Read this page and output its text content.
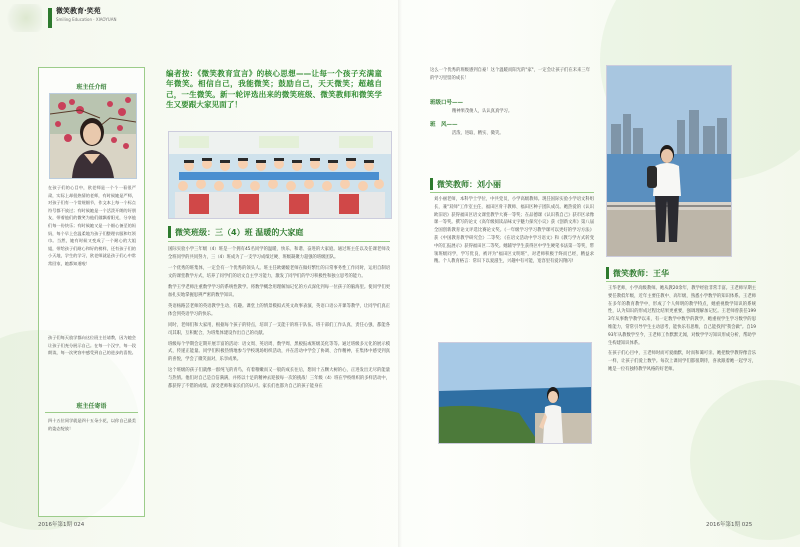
微笑教育·笑苑
Smiling Education · XIAOYUAN
班主任介绍
在孩子们的心目中，欧老师是一个个一看很严肃，实际上却很热情的老师，有时候她是严师，对孩子们有一个常规细节，作文本上每一个标点符号都不放过；有时候她是一个活泼开朗的好朋友，带着他们的微笑为他们做飘着阳光，分享他们每一份快乐；有时候她又是一个细心备至的妈妈，每个早上会温柔地为孩子们整理衣服和红领巾。当然，她有时候又变成了一个耐心的大姐姐，带给孩子们耐心和好的榜样，还有孩子们的小天地，学生的学习，欧老师就是孩子们心中常常回家，她都知道啦！
孩子们每天放学都向这位班主任请教，因为她会让孩子们充分展示自己。在每一个汉字，每一段朗读，每一次笑容中感受到自己的进步的喜悦。
班主任寄语
四十五位同学就是四十五朵小花，以你自己最美的姿态绽放！
编者按：《微笑教育宣言》的核心思想——让每一个孩子充满童年微笑。相信自己，我能微笑；鼓励自己，天天微笑；超越自己，一生微笑。新一轮评选出来的微笑班级、微笑教师和微笑学生又要跟大家见面了！
微笑班级：三（4）班 温暖的大家庭

国际实验小学三年级（4）班是一个拥有45名同学的温暖、快乐、和谐、奋进的大家庭。通过班主任以及任课老师及全班同学的共同努力，三（4）班成为了一支学习成绩过硬、班级凝聚力超强的班级团队。

一个优秀的班集体，一定会有一个优秀的领头人。班主任欧媚媛老师在做好繁忙的日常事务性工作同时，运用自制语文的课堂教学方式，培养了同学们的语文自主学习能力，激发了同学们的学习积极性和独立思考的能力。

数学王学老师注重数学学习的系统性教学。将数学概念用理解加记忆的方式深化到每一位孩子的脑海里。使同学们更加扎实地掌握思辨严密的数学知识。

英语杨路芸老师的英语教学生动、有趣。课堂上的情景模拟式英文故事表演、英语口语公开课等教学，让同学们真正体会到英语学习的快乐。

同时，老师们和大家用，根据每个孩子的特点，培训了一支能干的班干队伍。班干部们工作认真、责任心强、都能各司其职，互积配合，为班集体建设作出自己的贡献。

班级每个学期会定期开展丰富的活动：语文周、英语周、数学周、黑板报或班级美化等等。通过班级多元化的展示模式，传递正能量。同学们积极热情地参与学校现场组织活动，并在活动中学会了协调、合作精神，在集体中感受到真的喜悦，学会了微笑面对，乐享成果。

这个班级的孩子们就像一群纯飞的青鸟，有着稚嫩而又一般的成长往后，想同十五颗大树的心，正进发出无尽的能量与热情。他们对自己是自信满满，并将以十足的精神去迎接每一次的挑战！三年级（4）班在学校组织的多样活动中，都获得了不错的成绩。深受老师和家长们的认可。家长们也都为自己的孩子能身在

2016年第1期 024
这么一个优秀的班级感到自豪！这个温暖而阳光的"家"，一定会让孩子们在未来三年的学习里留的成长！
班级口号——
精神果茂俊人，认认真真学习。
班　风——
活泼、进取、精实、微笑。
微笑教师：刘小丽
刘小丽老师，本科学士学位，中共党员，小学高级教师。现任国际实验小学语文科组长，兼"双师"工作室主任，福田区骨干教师、福田区种子团队成员。她热爱的《认识欧旧语》获得福田区语文课堂教学大赛一等奖；在品德课《认识我自己》获市区录像课一等奖。撰写的论文《高年级阅读品味文字魅力探究小议》获《创新文库》第八届全国创新教育论文评选比赛论文奖。《一年级学习学习教学课可以更好的学习方法》获《中国教育教学研究会》二等奖；《在语文活动中学习语文》和《教与学方式转变中的汇报展示》获得福田区二等奖。她辅导学生获得区中学生硬笔书法第一等奖，带领班级同学，学写优良，被评为"福田区文明班"，对老师积极于终而已经，精益求精。个人教育格言：常识下以爱滋生，兴趣中有可能，宽容里有爱闪翔闪!
微笑教师：王华

王华老师，小学高级教师。她从教20余年，教学经验非常丰富。王老师早期主要任教低年级，近年主要任教中、高年级，熟悉小学数学的知识体系。王老师在多年的教育教学中，形成了个人鲜明的教学特点，她重视数学知识的系统性，认为知识的形成过程比结果更重要，强调理解加记忆。王老师曾获任1993年从事数学教学以来，有一定数学中数学的教学，她重视学生学习数学的思维能力，常常引导学生主动思考，能快乐有思维，自己能找到"我会做"。自1993年从教数学至今，王老师工作默默无闻，对数学学习知识形成分析，帮助学生构建知识体系。

在孩子们心目中，王老师时而可爱幽默，时而和蔼可亲。她把数学教得像音乐一样，让孩子们爱上数学。每次上课同学们都很期待，喜欢跟着她一起学习，她是一位有独特教学风格的好老师。

2016年第1期 025
